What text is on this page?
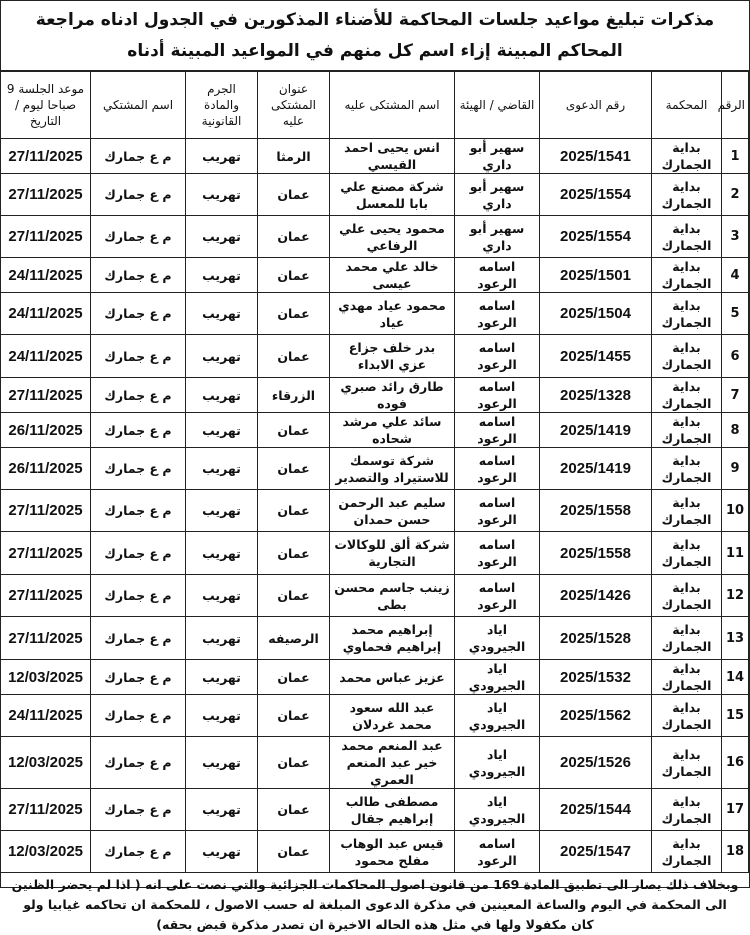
مذكرات تبليغ مواعيد جلسات المحاكمة للأضناء المذكورين في الجدول ادناه مراجعة المحاكم المبينة إزاء اسم كل منهم في المواعيد المبينة أدناه
الرقم	المحكمة	رقم الدعوى	القاضي / الهيئة	اسم المشتكى عليه	عنوان المشتكى عليه	الجرم والمادة القانونية	اسم المشتكي	موعد الجلسة 9 صباحا ليوم / التاريخ
1	بداية الجمارك	2025/1541	سهير أبو داري	انس يحيى احمد القيسي	الرمثا	تهريب	م ع جمارك	27/11/2025
2	بداية الجمارك	2025/1554	سهير أبو داري	شركة مصنع علي بابا للمعسل	عمان	تهريب	م ع جمارك	27/11/2025
3	بداية الجمارك	2025/1554	سهير أبو داري	محمود يحيى علي الرفاعي	عمان	تهريب	م ع جمارك	27/11/2025
4	بداية الجمارك	2025/1501	اسامه الرعود	خالد علي محمد عيسى	عمان	تهريب	م ع جمارك	24/11/2025
5	بداية الجمارك	2025/1504	اسامه الرعود	محمود عياد مهدي عياد	عمان	تهريب	م ع جمارك	24/11/2025
6	بداية الجمارك	2025/1455	اسامه الرعود	بدر خلف جزاع عزي الابداء	عمان	تهريب	م ع جمارك	24/11/2025
7	بداية الجمارك	2025/1328	اسامه الرعود	طارق رائد صبري فوده	الزرقاء	تهريب	م ع جمارك	27/11/2025
8	بداية الجمارك	2025/1419	اسامه الرعود	سائد علي مرشد شحاده	عمان	تهريب	م ع جمارك	26/11/2025
9	بداية الجمارك	2025/1419	اسامه الرعود	شركة توسمك للاستيراد والتصدير	عمان	تهريب	م ع جمارك	26/11/2025
10	بداية الجمارك	2025/1558	اسامه الرعود	سليم عبد الرحمن حسن حمدان	عمان	تهريب	م ع جمارك	27/11/2025
11	بداية الجمارك	2025/1558	اسامه الرعود	شركة ألق للوكالات التجارية	عمان	تهريب	م ع جمارك	27/11/2025
12	بداية الجمارك	2025/1426	اسامه الرعود	زينب جاسم محسن بطى	عمان	تهريب	م ع جمارك	27/11/2025
13	بداية الجمارك	2025/1528	اياد الجيرودي	إبراهيم محمد إبراهيم فحماوي	الرصيفه	تهريب	م ع جمارك	27/11/2025
14	بداية الجمارك	2025/1532	اياد الجيرودي	عزيز عباس محمد	عمان	تهريب	م ع جمارك	12/03/2025
15	بداية الجمارك	2025/1562	اياد الجيرودي	عبد الله سعود محمد غردلان	عمان	تهريب	م ع جمارك	24/11/2025
16	بداية الجمارك	2025/1526	اياد الجيرودي	عبد المنعم محمد خير عبد المنعم العمري	عمان	تهريب	م ع جمارك	12/03/2025
17	بداية الجمارك	2025/1544	اياد الجيرودي	مصطفى طالب إبراهيم جقال	عمان	تهريب	م ع جمارك	27/11/2025
18	بداية الجمارك	2025/1547	اسامه الرعود	قيس عبد الوهاب مفلح محمود	عمان	تهريب	م ع جمارك	12/03/2025
وبخلاف ذلك يصار الى تطبيق المادة 169 من قانون اصول المحاكمات الجزائية والتي نصت على انه ( اذا لم يحضر الظنين الى المحكمة في اليوم والساعة المعينين في مذكرة الدعوى المبلغة له حسب الاصول ، للمحكمة ان تحاكمه غيابيا ولو كان مكفولا ولها في مثل هذه الحاله الاخيرة ان تصدر مذكرة قبض بحقه)
